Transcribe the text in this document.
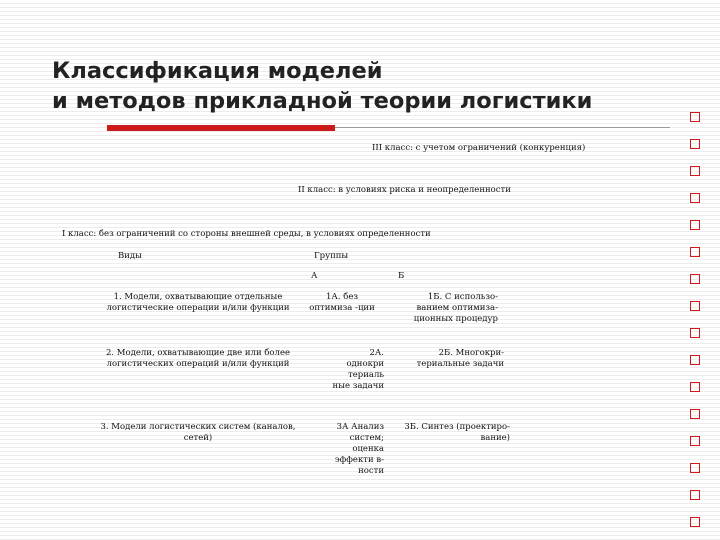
Классификация моделей
и методов прикладной теории логистики
III класс: с учетом ограничений (конкуренция)
II класс: в условиях риска и неопределенности
I класс: без ограничений со стороны внешней среды, в условиях определенности
Виды	Группы
А	Б
1. Модели, охватывающие отдельные логистические операции и/или функции
1А. без оптимиза -ции
1Б. С использо-ванием оптимиза-ционных процедур
2. Модели, охватывающие две или более логистических операций и/или функций
2А. однокри териаль ные задачи
2Б. Многокри-териальные задачи
3. Модели логистических систем (каналов, сетей)
3А Анализ систем; оценка эффекти в-ности
3Б. Синтез (проектиро-вание)
